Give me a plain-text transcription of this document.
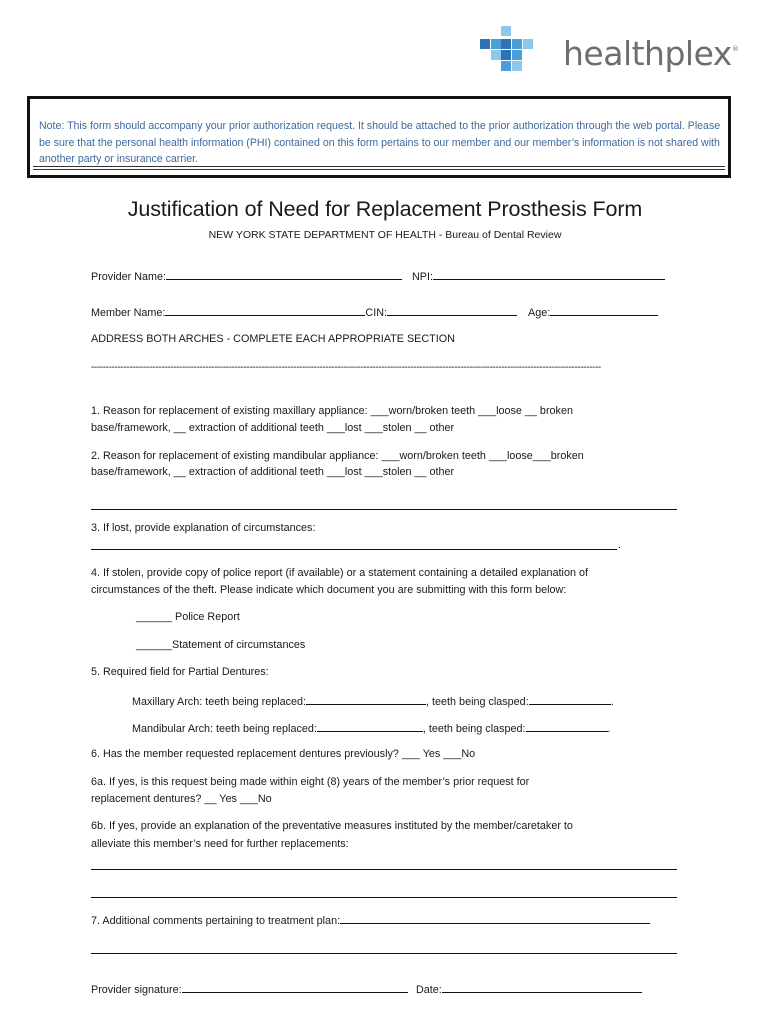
healthplex®
Note: This form should accompany your prior authorization request. It should be attached to the prior authorization through the web portal. Please be sure that the personal health information (PHI) contained on this form pertains to our member and our member’s information is not shared with another party or insurance carrier.
Justification of Need for Replacement Prosthesis Form
NEW YORK STATE DEPARTMENT OF HEALTH - Bureau of Dental Review
Provider Name:	NPI:
Member Name:	CIN:	Age:
ADDRESS BOTH ARCHES - COMPLETE EACH APPROPRIATE SECTION
------------------------------------------------------------------------------------------------------------------------------------------------------------------------------
1. Reason for replacement of existing maxillary appliance: ___worn/broken teeth ___loose __ broken
base/framework, __ extraction of additional teeth ___lost ___stolen __ other
2. Reason for replacement of existing mandibular appliance: ___worn/broken teeth ___loose___broken
base/framework, __ extraction of additional teeth ___lost ___stolen __ other
3. If lost, provide explanation of circumstances:
.
4. If stolen, provide copy of police report (if available) or a statement containing a detailed explanation of
circumstances of the theft. Please indicate which document you are submitting with this form below:
______ Police Report
______Statement of circumstances
5. Required field for Partial Dentures:
Maxillary Arch: teeth being replaced:	, teeth being clasped:	.
Mandibular Arch: teeth being replaced:	, teeth being clasped:	.
6. Has the member requested replacement dentures previously? ___ Yes ___No
6a. If yes, is this request being made within eight (8) years of the member’s prior request for
replacement dentures? __ Yes ___No
6b. If yes, provide an explanation of the preventative measures instituted by the member/caretaker to
alleviate this member’s need for further replacements:
7. Additional comments pertaining to treatment plan:
Provider signature:	Date:
